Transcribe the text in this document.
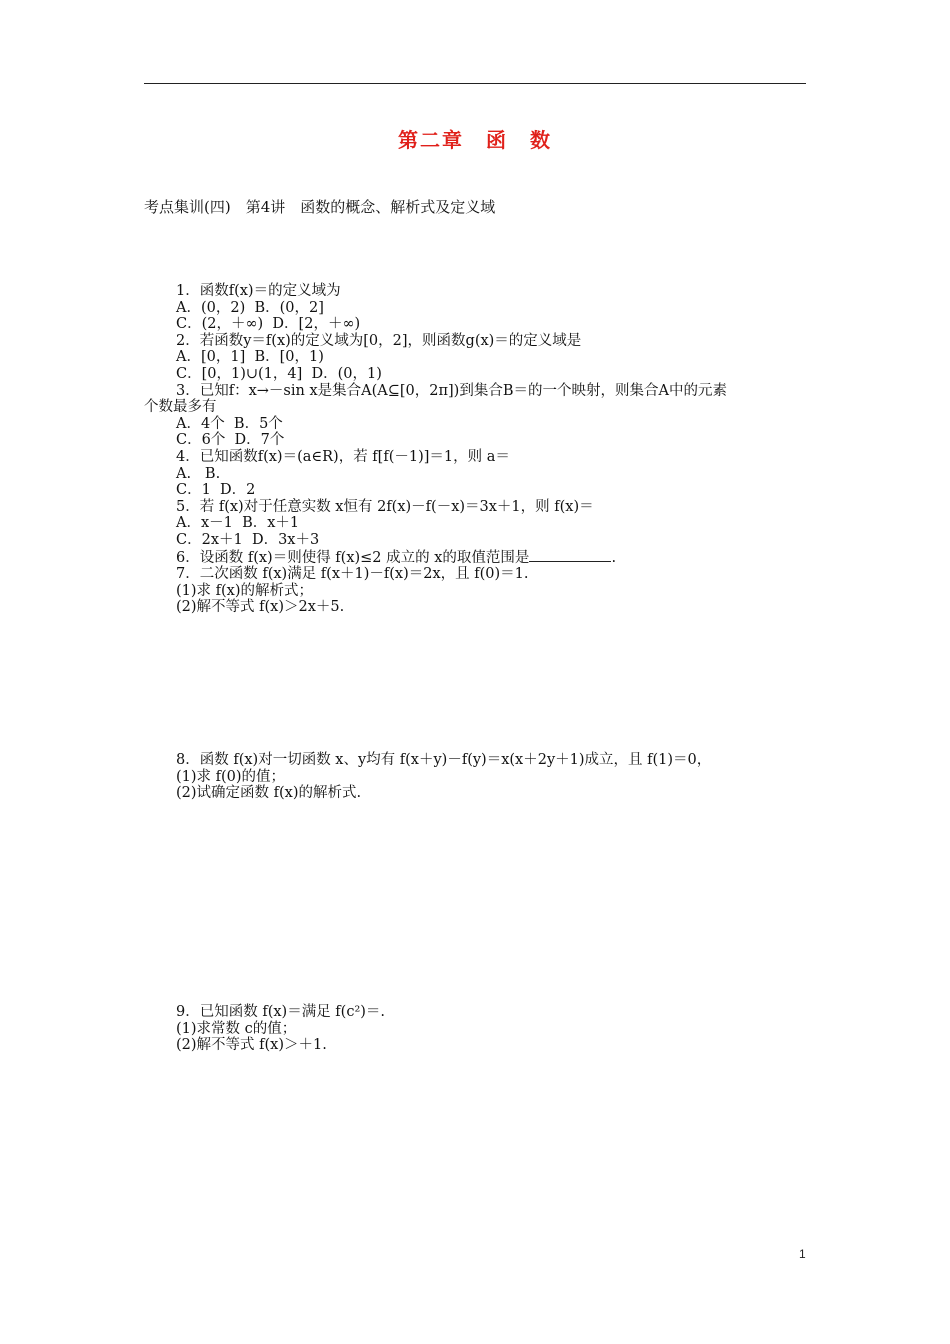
第二章　函　数
考点集训(四)　第4讲　函数的概念、解析式及定义域
1．函数f(x)＝的定义域为
A．(0，2)  B．(0，2]
C．(2，＋∞)  D．[2，＋∞)
2．若函数y＝f(x)的定义域为[0，2]，则函数g(x)＝的定义域是
A．[0，1]  B．[0，1)
C．[0，1)∪(1，4]  D．(0，1)
3．已知f：x→－sin x是集合A(A⊆[0，2π])到集合B＝的一个映射，则集合A中的元素
个数最多有
A．4个  B．5个
C．6个  D．7个
4．已知函数f(x)＝(a∈R)，若 f[f(－1)]＝1，则 a＝
A.   B.
C．1  D．2
5．若 f(x)对于任意实数 x恒有 2f(x)－f(－x)＝3x＋1，则 f(x)＝
A．x－1  B．x＋1
C．2x＋1  D．3x＋3
6．设函数 f(x)＝则使得 f(x)≤2 成立的 x的取值范围是	.
7．二次函数 f(x)满足 f(x＋1)－f(x)＝2x，且 f(0)＝1.
(1)求 f(x)的解析式；
(2)解不等式 f(x)＞2x＋5.
8．函数 f(x)对一切函数 x、y均有 f(x＋y)－f(y)＝x(x＋2y＋1)成立，且 f(1)＝0，
(1)求 f(0)的值；
(2)试确定函数 f(x)的解析式.
9．已知函数 f(x)＝满足 f(c²)＝.
(1)求常数 c的值；
(2)解不等式 f(x)＞＋1.
1
